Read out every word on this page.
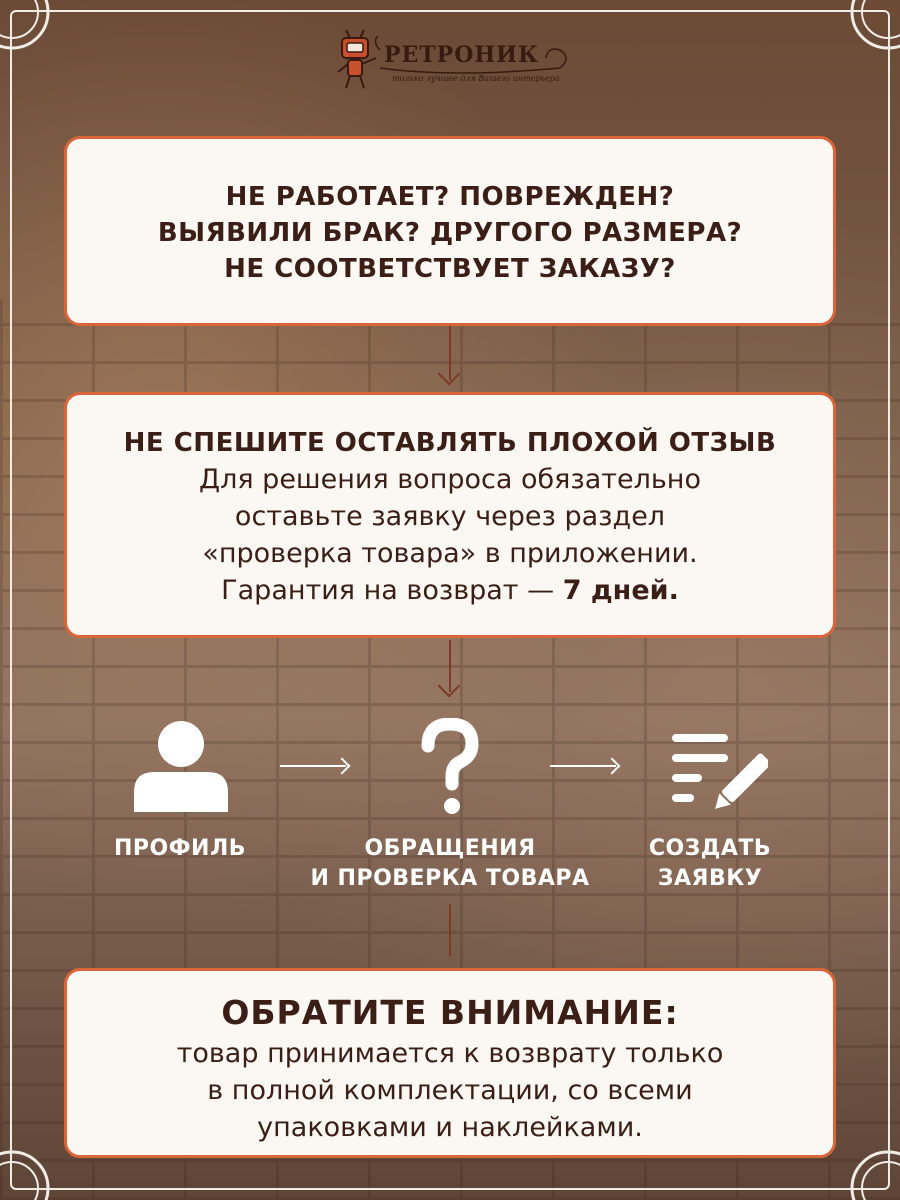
РЕТРОНИК
только лучшее для Вашего интерьера
НЕ РАБОТАЕТ? ПОВРЕЖДЕН?
ВЫЯВИЛИ БРАК? ДРУГОГО РАЗМЕРА?
НЕ СООТВЕТСТВУЕТ ЗАКАЗУ?
НЕ СПЕШИТЕ ОСТАВЛЯТЬ ПЛОХОЙ ОТЗЫВ
Для решения вопроса обязательно
оставьте заявку через раздел
«проверка товара» в приложении.
Гарантия на возврат — 7 дней.
ПРОФИЛЬ	ОБРАЩЕНИЯ
И ПРОВЕРКА ТОВАРА
СОЗДАТЬ
ЗАЯВКУ
ОБРАТИТЕ ВНИМАНИЕ:
товар принимается к возврату только
в полной комплектации, со всеми
упаковками и наклейками.
